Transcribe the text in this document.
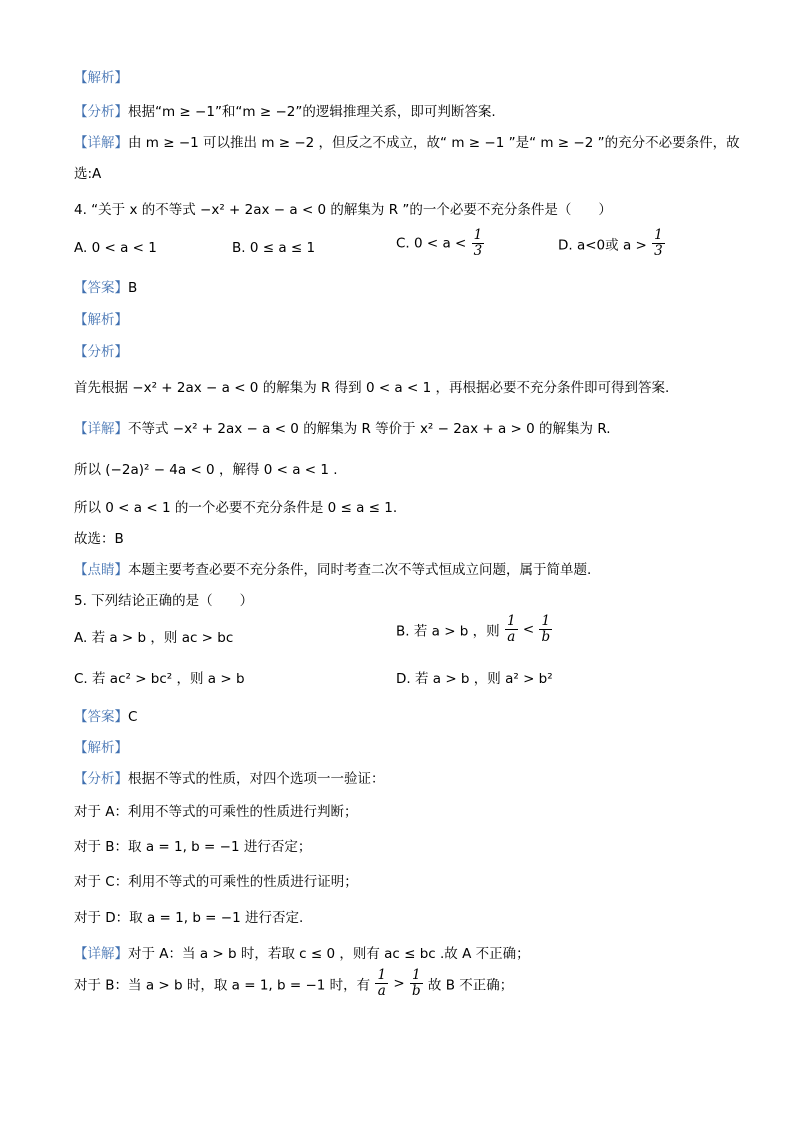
【解析】
【分析】根据“m ≥ −1”和“m ≥ −2”的逻辑推理关系，即可判断答案.
【详解】由 m ≥ −1 可以推出 m ≥ −2 ，但反之不成立，故“ m ≥ −1 ”是“ m ≥ −2 ”的充分不必要条件，故
选:A
4. “关于 x 的不等式 −x² + 2ax − a < 0 的解集为 R ”的一个必要不充分条件是（　　）
A. 0 < a < 1	B. 0 ≤ a ≤ 1	C. $0 < a < \frac{1}{3}$	D. a<0或 $a > \frac{1}{3}$
【答案】B
【解析】
【分析】
首先根据 −x² + 2ax − a < 0 的解集为 R 得到 0 < a < 1 ，再根据必要不充分条件即可得到答案.
【详解】不等式 −x² + 2ax − a < 0 的解集为 R 等价于 x² − 2ax + a > 0 的解集为 R.
所以 (−2a)² − 4a < 0 ，解得 0 < a < 1 .
所以 0 < a < 1 的一个必要不充分条件是 0 ≤ a ≤ 1.
故选：B
【点睛】本题主要考查必要不充分条件，同时考查二次不等式恒成立问题，属于简单题.
5. 下列结论正确的是（　　）
A. 若 a > b ，则 ac > bc	B. 若 a > b ，则 $\frac{1}{a} < \frac{1}{b}$
C. 若 ac² > bc² ，则 a > b	D. 若 a > b ，则 a² > b²
【答案】C
【解析】
【分析】根据不等式的性质，对四个选项一一验证：
对于 A：利用不等式的可乘性的性质进行判断；
对于 B：取 a = 1, b = −1 进行否定；
对于 C：利用不等式的可乘性的性质进行证明；
对于 D：取 a = 1, b = −1 进行否定.
【详解】对于 A：当 a > b 时，若取 c ≤ 0 ，则有 ac ≤ bc .故 A 不正确；
对于 B：当 a > b 时，取 a = 1, b = −1 时，有 $\frac{1}{a} > \frac{1}{b}$ 故 B 不正确；
